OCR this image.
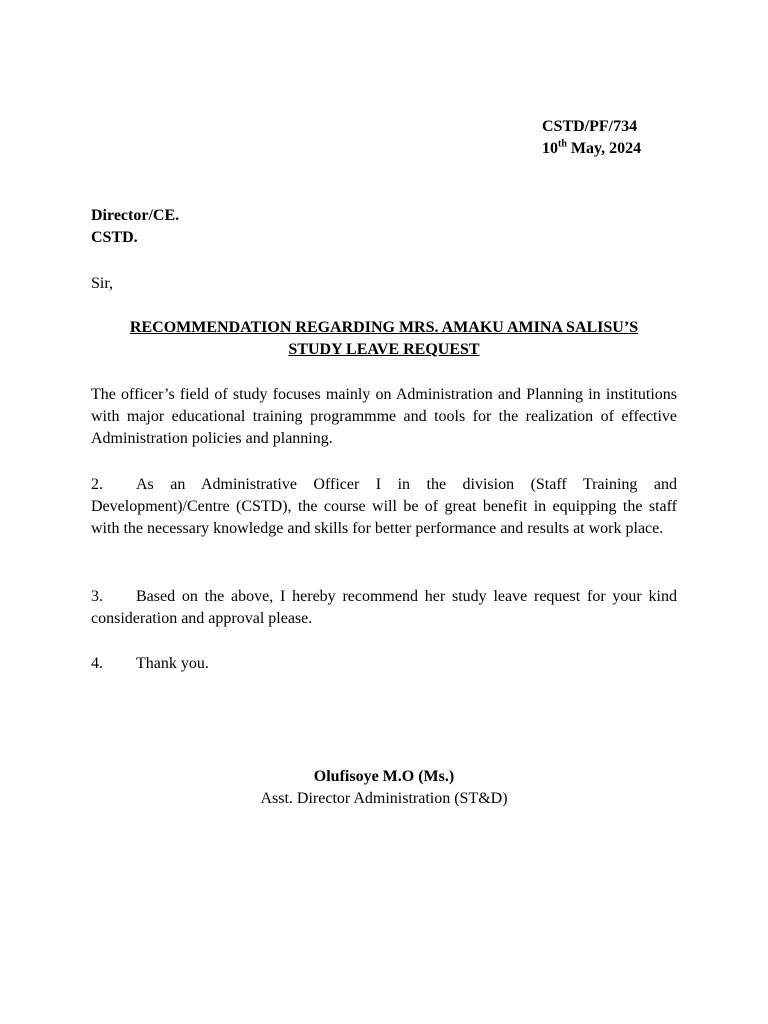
CSTD/PF/734
10th May, 2024
Director/CE.
CSTD.
Sir,
RECOMMENDATION REGARDING MRS. AMAKU AMINA SALISU’S
STUDY LEAVE REQUEST

The officer’s field of study focuses mainly on Administration and Planning in institutions with major educational training programmme and tools for the realization of effective Administration policies and planning.

2. As an Administrative Officer I in the division (Staff Training and Development)/Centre (CSTD), the course will be of great benefit in equipping the staff with the necessary knowledge and skills for better performance and results at work place.

3. Based on the above, I hereby recommend her study leave request for your kind consideration and approval please.

4. Thank you.

Olufisoye M.O (Ms.)
Asst. Director Administration (ST&D)
